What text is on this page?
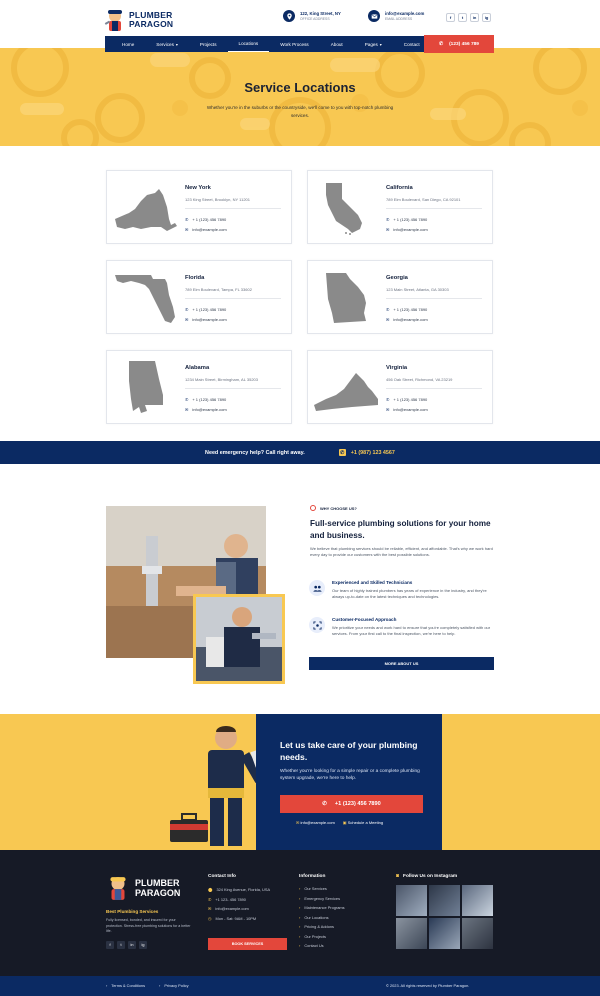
PLUMBER
PARAGON
122, King Street, NY
OFFICE ADDRESS
info@example.com
EMAIL ADDRESS	f	t	in	ig
Service Locations
Whether you're in the suburbs or the countryside, we'll come to you with top-notch plumbing services.
Home	Services ▾	Projects	Locations	Work Process	About	Pages ▾	Contact	✆ (123) 456 789
New York
123 King Street, Brooklyn, NY 11201
✆ + 1 (123) 456 7890
✉ info@example.com
California
789 Elm Boulevard, San Diego, CA 92101
✆ + 1 (123) 456 7890
✉ info@example.com
Florida
789 Elm Boulevard, Tampa, FL 33602
✆ + 1 (123) 456 7890
✉ info@example.com
Georgia
123 Main Street, Atlanta, GA 30303
✆ + 1 (123) 456 7890
✉ info@example.com
Alabama
1234 Main Street, Birmingham, AL 35203
✆ + 1 (123) 456 7890
✉ info@example.com
Virginia
456 Oak Street, Richmond, VA 23219
✆ + 1 (123) 456 7890
✉ info@example.com
Need emergency help? Call right away.	✆ +1 (987) 123 4567
WHY CHOOSE US?
Full-service plumbing solutions for your home and business.
We believe that plumbing services should be reliable, efficient, and affordable. That's why we work hard every day to provide our customers with the best possible solutions.
Experienced and Skilled Technicians
Our team of highly trained plumbers has years of experience in the industry, and they're always up-to-date on the latest techniques and technologies.
Customer-Focused Approach
We prioritize your needs and work hard to ensure that you're completely satisfied with our services. From your first call to the final inspection, we're here to help.
MORE ABOUT US
Let us take care of your plumbing needs.
Whether you're looking for a simple repair or a complete plumbing system upgrade, we're here to help.
✆ +1 (123) 456 7890
✉ info@example.com ▣ Schedule a Meeting
PLUMBER
PARAGON
Best Plumbing Services
Fully licensed, bonded, and insured for your protection. Stress-free plumbing solutions for a better life.
f	t	in	ig
Contact Info
⬤ 324 King Avenue, Florida, USA
✆ +1 123- 456 7890
✉ info@example.com
◷ Mon - Sat: 9AM - 10PM
BOOK SERVICES
Information
› Our Services
› Emergency Services
› Maintenance Programs
› Our Locations
› Pricing & Addons
› Our Projects
› Contact Us
◙ Follow Us on Instagram
› Terms & Conditions	› Privacy Policy	© 2023. All rights reserved by Plumber Paragon.
